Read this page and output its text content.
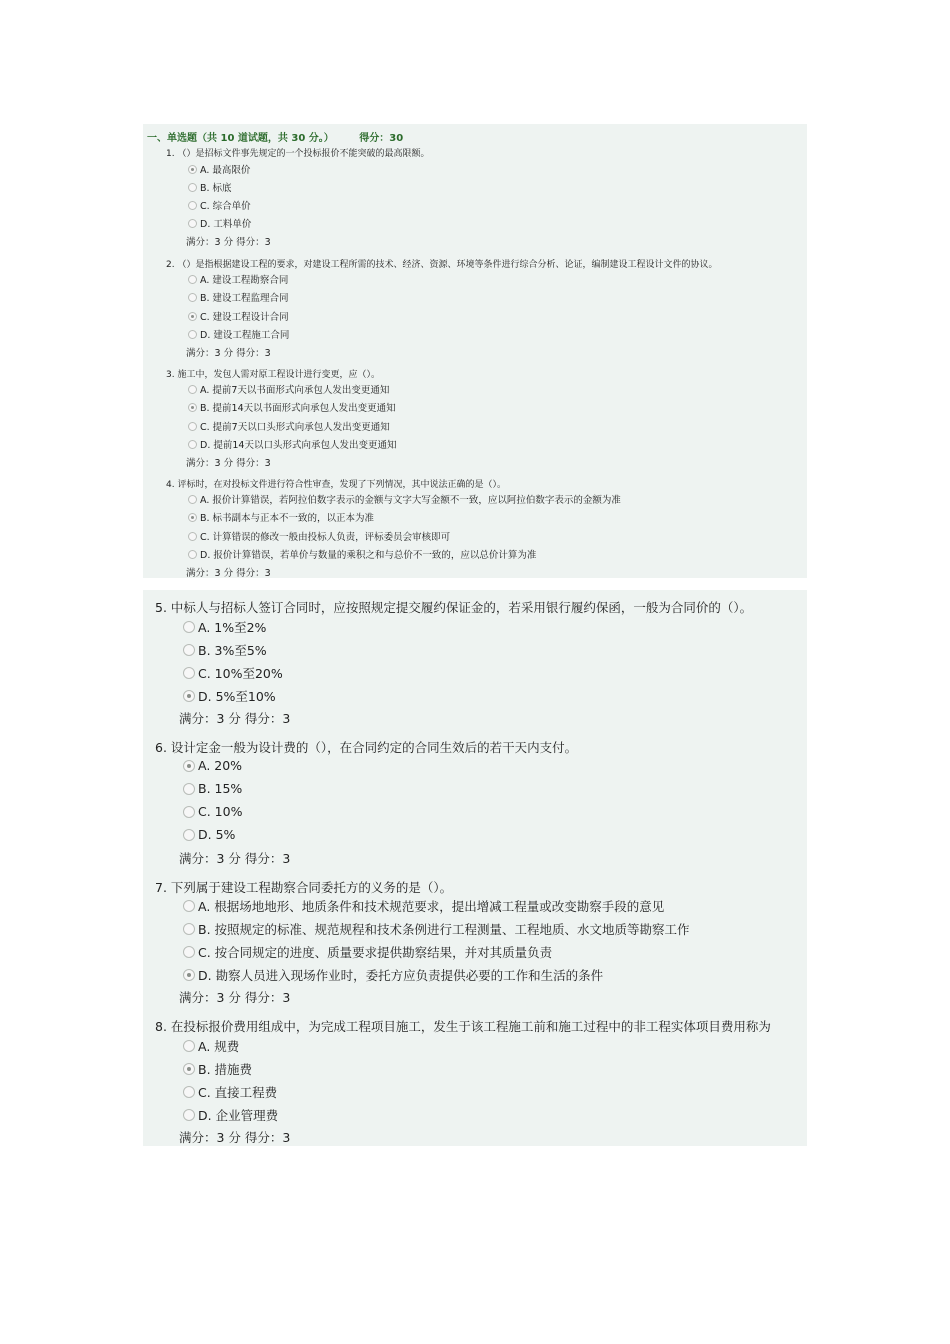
一、单选题（共 10 道试题，共 30 分。）	得分：30
1. （）是招标文件事先规定的一个投标报价不能突破的最高限额。
A. 最高限价
B. 标底
C. 综合单价
D. 工料单价
满分：3 分 得分：3
2. （）是指根据建设工程的要求，对建设工程所需的技术、经济、资源、环境等条件进行综合分析、论证，编制建设工程设计文件的协议。
A. 建设工程勘察合同
B. 建设工程监理合同
C. 建设工程设计合同
D. 建设工程施工合同
满分：3 分 得分：3
3. 施工中，发包人需对原工程设计进行变更，应（）。
A. 提前7天以书面形式向承包人发出变更通知
B. 提前14天以书面形式向承包人发出变更通知
C. 提前7天以口头形式向承包人发出变更通知
D. 提前14天以口头形式向承包人发出变更通知
满分：3 分 得分：3
4. 评标时，在对投标文件进行符合性审查，发现了下列情况，其中说法正确的是（）。
A. 报价计算错误，若阿拉伯数字表示的金额与文字大写金额不一致，应以阿拉伯数字表示的金额为准
B. 标书副本与正本不一致的，以正本为准
C. 计算错误的修改一般由投标人负责，评标委员会审核即可
D. 报价计算错误，若单价与数量的乘积之和与总价不一致的，应以总价计算为准
满分：3 分 得分：3
5. 中标人与招标人签订合同时，应按照规定提交履约保证金的，若采用银行履约保函，一般为合同价的（）。
A. 1%至2%
B. 3%至5%
C. 10%至20%
D. 5%至10%
满分：3 分 得分：3
6. 设计定金一般为设计费的（），在合同约定的合同生效后的若干天内支付。
A. 20%
B. 15%
C. 10%
D. 5%
满分：3 分 得分：3
7. 下列属于建设工程勘察合同委托方的义务的是（）。
A. 根据场地地形、地质条件和技术规范要求，提出增减工程量或改变勘察手段的意见
B. 按照规定的标准、规范规程和技术条例进行工程测量、工程地质、水文地质等勘察工作
C. 按合同规定的进度、质量要求提供勘察结果，并对其质量负责
D. 勘察人员进入现场作业时，委托方应负责提供必要的工作和生活的条件
满分：3 分 得分：3
8. 在投标报价费用组成中，为完成工程项目施工，发生于该工程施工前和施工过程中的非工程实体项目费用称为
A. 规费
B. 措施费
C. 直接工程费
D. 企业管理费
满分：3 分 得分：3
